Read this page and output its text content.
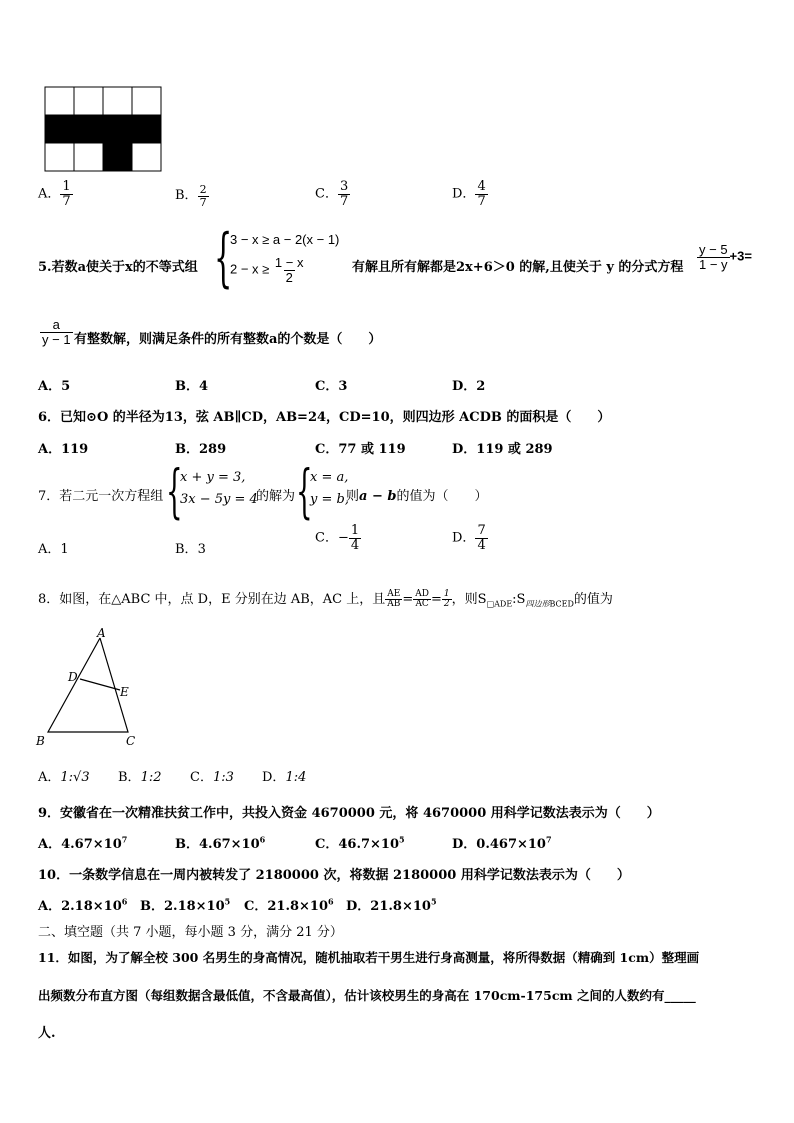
A． $\frac{1}{7}$	B． $\frac{2}{7}$	C． $\frac{3}{7}$	D． $\frac{4}{7}$
5.若数a使关于x的不等式组 {
3 − x ≥ a − 2(x − 1)
$2 - x \ge \frac{1 - x}{2}$	有解且所有解都是2x+6＞0 的解,且使关于 y 的分式方程 $\frac{y - 5}{1 - y} +3=$
$\frac{a}{y - 1}$ 有整数解，则满足条件的所有整数a的个数是（　　）
A．5	B．4	C．3	D．2
6．已知⊙O 的半径为13，弦 AB∥CD，AB=24，CD=10，则四边形 ACDB 的面积是（　　）
A．119	B．289	C．77 或 119	D．119 或 289
7．若二元一次方程组 {
x + y = 3,
3x − 5y = 4
的解为 {
x = a,
y = b,
则a − b的值为（　　）
A．1	B．3
C．− $\frac{1}{4}$	D． $\frac{7}{4}$
8．如图，在△ABC 中，点 D，E 分别在边 AB，AC 上，且 $\frac{AE}{AB} = \frac{AD}{AC} = \frac{1}{2}$ ，则$S_{□ADE}:S_{四边形BCED}$的值为
A
D
E
B	C
A．1:√3 B．1:2 C．1:3 D．1:4
9．安徽省在一次精准扶贫工作中，共投入资金 4670000 元，将 4670000 用科学记数法表示为（　　）
A．$4.67\times 10^7$	B．$4.67\times 10^6$	C．$46.7\times 10^5$	D．$0.467\times 10^7$
10．一条数学信息在一周内被转发了 2180000 次，将数据 2180000 用科学记数法表示为（　　）
A．$2.18\times 10^6$ B．$2.18\times 10^5$ C．$21.8\times 10^6$ D．$21.8\times 10^5$
二、填空题（共 7 小题，每小题 3 分，满分 21 分）
11．如图，为了解全校 300 名男生的身高情况，随机抽取若干男生进行身高测量，将所得数据（精确到 1cm）整理画
出频数分布直方图（每组数据含最低值，不含最高值），估计该校男生的身高在 170cm-175cm 之间的人数约有_____
人.
